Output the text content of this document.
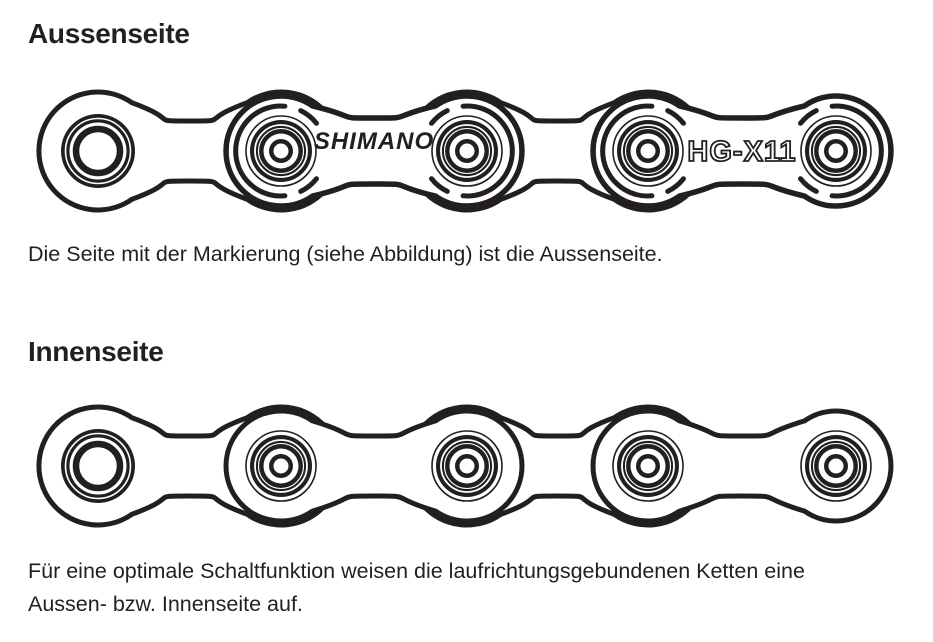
Aussenseite
SHIMANO	HG-X11

Die Seite mit der Markierung (siehe Abbildung) ist die Aussenseite.

Innenseite

Für eine optimale Schaltfunktion weisen die laufrichtungsgebundenen Ketten eine
Aussen- bzw. Innenseite auf.
